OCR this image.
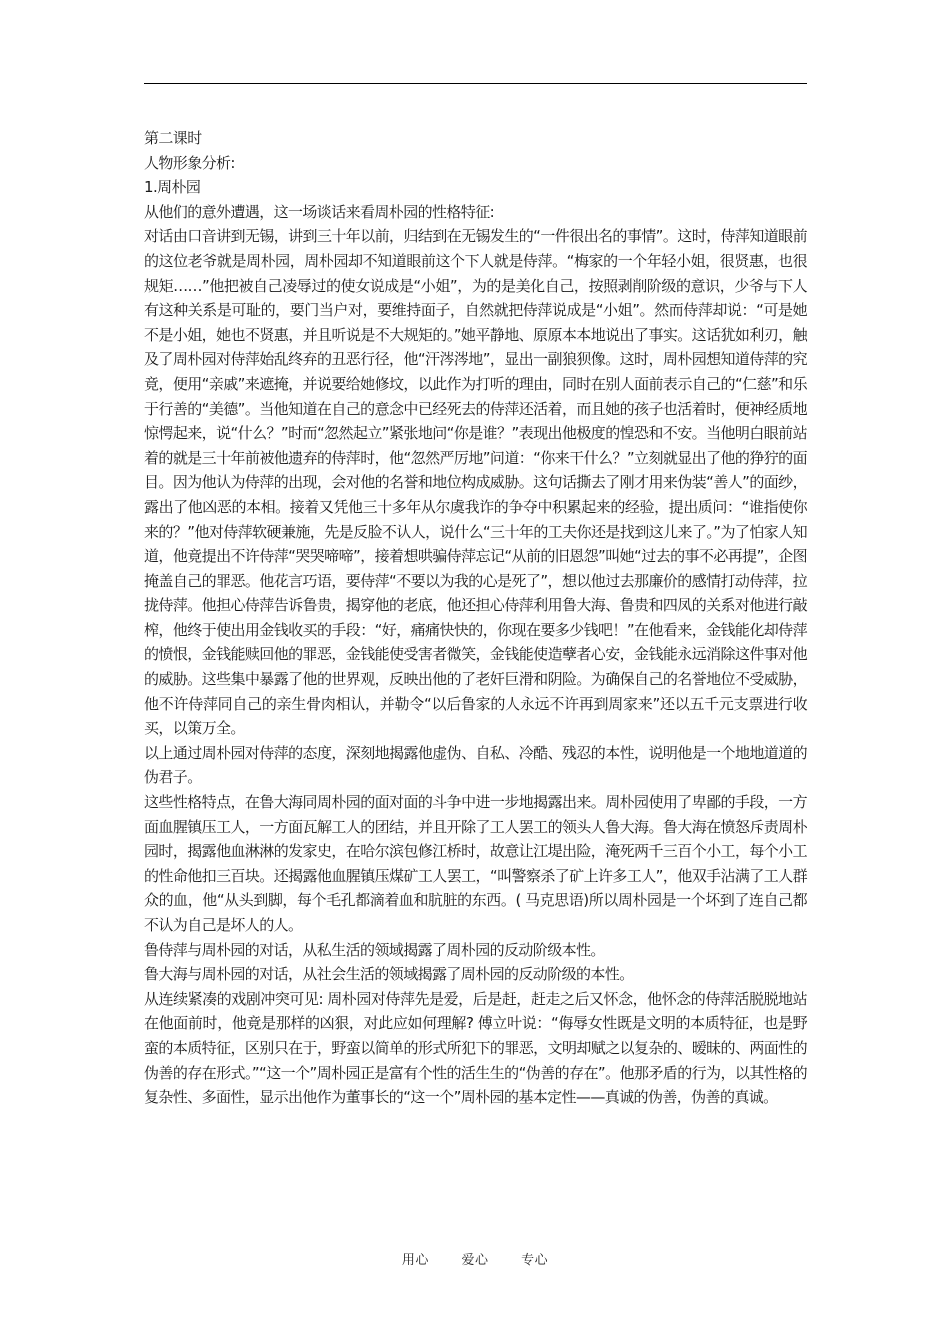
第二课时

人物形象分析:

1.周朴园

从他们的意外遭遇，这一场谈话来看周朴园的性格特征:

对话由口音讲到无锡，讲到三十年以前，归结到在无锡发生的“一件很出名的事情”。这时，侍萍知道眼前的这位老爷就是周朴园，周朴园却不知道眼前这个下人就是侍萍。“梅家的一个年轻小姐，很贤惠，也很规矩……”他把被自己凌辱过的使女说成是“小姐”，为的是美化自己，按照剥削阶级的意识，少爷与下人有这种关系是可耻的，要门当户对，要维持面子，自然就把侍萍说成是“小姐”。然而侍萍却说：“可是她不是小姐，她也不贤惠，并且听说是不大规矩的。”她平静地、原原本本地说出了事实。这话犹如利刃，触及了周朴园对侍萍始乱终弃的丑恶行径，他“汗涔涔地”，显出一副狼狈像。这时，周朴园想知道侍萍的究竟，便用“亲戚”来遮掩，并说要给她修坟，以此作为打听的理由，同时在别人面前表示自己的“仁慈”和乐于行善的“美德”。当他知道在自己的意念中已经死去的侍萍还活着，而且她的孩子也活着时，便神经质地惊愕起来，说“什么？”时而“忽然起立”紧张地问“你是谁？”表现出他极度的惶恐和不安。当他明白眼前站着的就是三十年前被他遗弃的侍萍时，他“忽然严厉地”问道：“你来干什么？”立刻就显出了他的狰狞的面目。因为他认为侍萍的出现，会对他的名誉和地位构成威胁。这句话撕去了刚才用来伪装“善人”的面纱，露出了他凶恶的本相。接着又凭他三十多年从尔虞我诈的争夺中积累起来的经验，提出质问：“谁指使你来的？”他对侍萍软硬兼施，先是反脸不认人，说什么“三十年的工夫你还是找到这儿来了。”为了怕家人知道，他竟提出不许侍萍“哭哭啼啼”，接着想哄骗侍萍忘记“从前的旧恩怨”叫她“过去的事不必再提”，企图掩盖自己的罪恶。他花言巧语，要侍萍“不要以为我的心是死了”，想以他过去那廉价的感情打动侍萍，拉拢侍萍。他担心侍萍告诉鲁贵，揭穿他的老底，他还担心侍萍利用鲁大海、鲁贵和四凤的关系对他进行敲榨，他终于使出用金钱收买的手段：“好，痛痛快快的，你现在要多少钱吧！”在他看来，金钱能化却侍萍的愤恨，金钱能赎回他的罪恶，金钱能使受害者微笑，金钱能使造孽者心安，金钱能永远消除这件事对他的威胁。这些集中暴露了他的世界观，反映出他的了老奸巨滑和阴险。为确保自己的名誉地位不受威胁，他不许侍萍同自己的亲生骨肉相认，并勒令“以后鲁家的人永远不许再到周家来”还以五千元支票进行收买，以策万全。

以上通过周朴园对侍萍的态度，深刻地揭露他虚伪、自私、冷酷、残忍的本性，说明他是一个地地道道的伪君子。

这些性格特点，在鲁大海同周朴园的面对面的斗争中进一步地揭露出来。周朴园使用了卑鄙的手段，一方面血腥镇压工人，一方面瓦解工人的团结，并且开除了工人罢工的领头人鲁大海。鲁大海在愤怒斥责周朴园时，揭露他血淋淋的发家史，在哈尔滨包修江桥时，故意让江堤出险，淹死两千三百个小工，每个小工的性命他扣三百块。还揭露他血腥镇压煤矿工人罢工，“叫警察杀了矿上许多工人”，他双手沾满了工人群众的血，他“从头到脚，每个毛孔都滴着血和肮脏的东西。( 马克思语)所以周朴园是一个坏到了连自己都不认为自己是坏人的人。

鲁侍萍与周朴园的对话，从私生活的领域揭露了周朴园的反动阶级本性。

鲁大海与周朴园的对话，从社会生活的领域揭露了周朴园的反动阶级的本性。

从连续紧凑的戏剧冲突可见: 周朴园对侍萍先是爱，后是赶，赶走之后又怀念，他怀念的侍萍活脱脱地站在他面前时，他竟是那样的凶狠，对此应如何理解? 傅立叶说：“侮辱女性既是文明的本质特征，也是野蛮的本质特征，区别只在于，野蛮以简单的形式所犯下的罪恶，文明却赋之以复杂的、暧昧的、两面性的伪善的存在形式。”“这一个”周朴园正是富有个性的活生生的“伪善的存在”。他那矛盾的行为，以其性格的复杂性、多面性，显示出他作为董事长的“这一个”周朴园的基本定性——真诚的伪善，伪善的真诚。

用心	爱心	专心
